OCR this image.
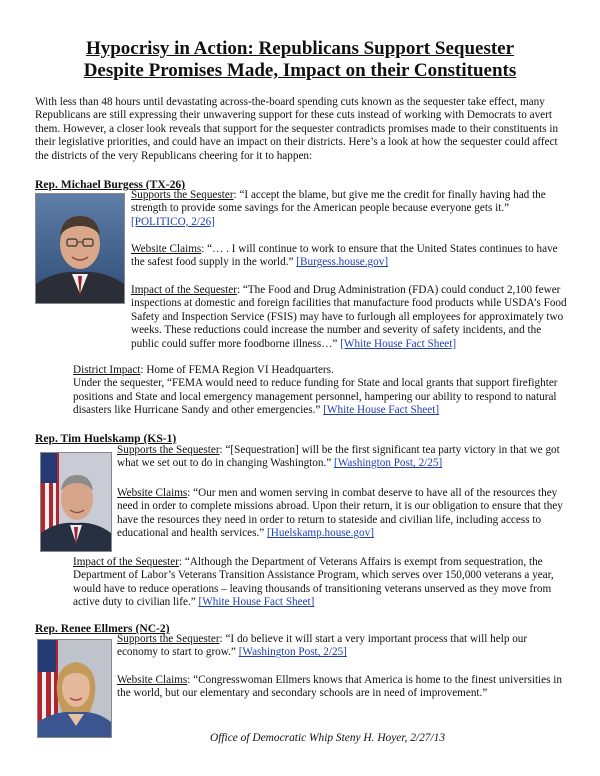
Hypocrisy in Action: Republicans Support Sequester
Despite Promises Made, Impact on their Constituents
With less than 48 hours until devastating across-the-board spending cuts known as the sequester take effect, many Republicans are still expressing their unwavering support for these cuts instead of working with Democrats to avert them. However, a closer look reveals that support for the sequester contradicts promises made to their constituents in their legislative priorities, and could have an impact on their districts. Here’s a look at how the sequester could affect the districts of the very Republicans cheering for it to happen:
Rep. Michael Burgess (TX-26)
Supports the Sequester: “I accept the blame, but give me the credit for finally having had the strength to provide some savings for the American people because everyone gets it.” [POLITICO, 2/26]
Website Claims: “… . I will continue to work to ensure that the United States continues to have the safest food supply in the world.” [Burgess.house.gov]
Impact of the Sequester: “The Food and Drug Administration (FDA) could conduct 2,100 fewer inspections at domestic and foreign facilities that manufacture food products while USDA’s Food Safety and Inspection Service (FSIS) may have to furlough all employees for approximately two weeks. These reductions could increase the number and severity of safety incidents, and the public could suffer more foodborne illness…” [White House Fact Sheet]
District Impact: Home of FEMA Region VI Headquarters.
Under the sequester, “FEMA would need to reduce funding for State and local grants that support firefighter positions and State and local emergency management personnel, hampering our ability to respond to natural disasters like Hurricane Sandy and other emergencies.” [White House Fact Sheet]
Rep. Tim Huelskamp (KS-1)
Supports the Sequester: “[Sequestration] will be the first significant tea party victory in that we got what we set out to do in changing Washington.” [Washington Post, 2/25]
Website Claims: “Our men and women serving in combat deserve to have all of the resources they need in order to complete missions abroad. Upon their return, it is our obligation to ensure that they have the resources they need in order to return to stateside and civilian life, including access to educational and health services.” [Huelskamp.house.gov]
Impact of the Sequester: “Although the Department of Veterans Affairs is exempt from sequestration, the Department of Labor’s Veterans Transition Assistance Program, which serves over 150,000 veterans a year, would have to reduce operations – leaving thousands of transitioning veterans unserved as they move from active duty to civilian life.” [White House Fact Sheet]
Rep. Renee Ellmers (NC-2)
Supports the Sequester: “I do believe it will start a very important process that will help our economy to start to grow.” [Washington Post, 2/25]
Website Claims: “Congresswoman Ellmers knows that America is home to the finest universities in the world, but our elementary and secondary schools are in need of improvement.”
Office of Democratic Whip Steny H. Hoyer, 2/27/13
